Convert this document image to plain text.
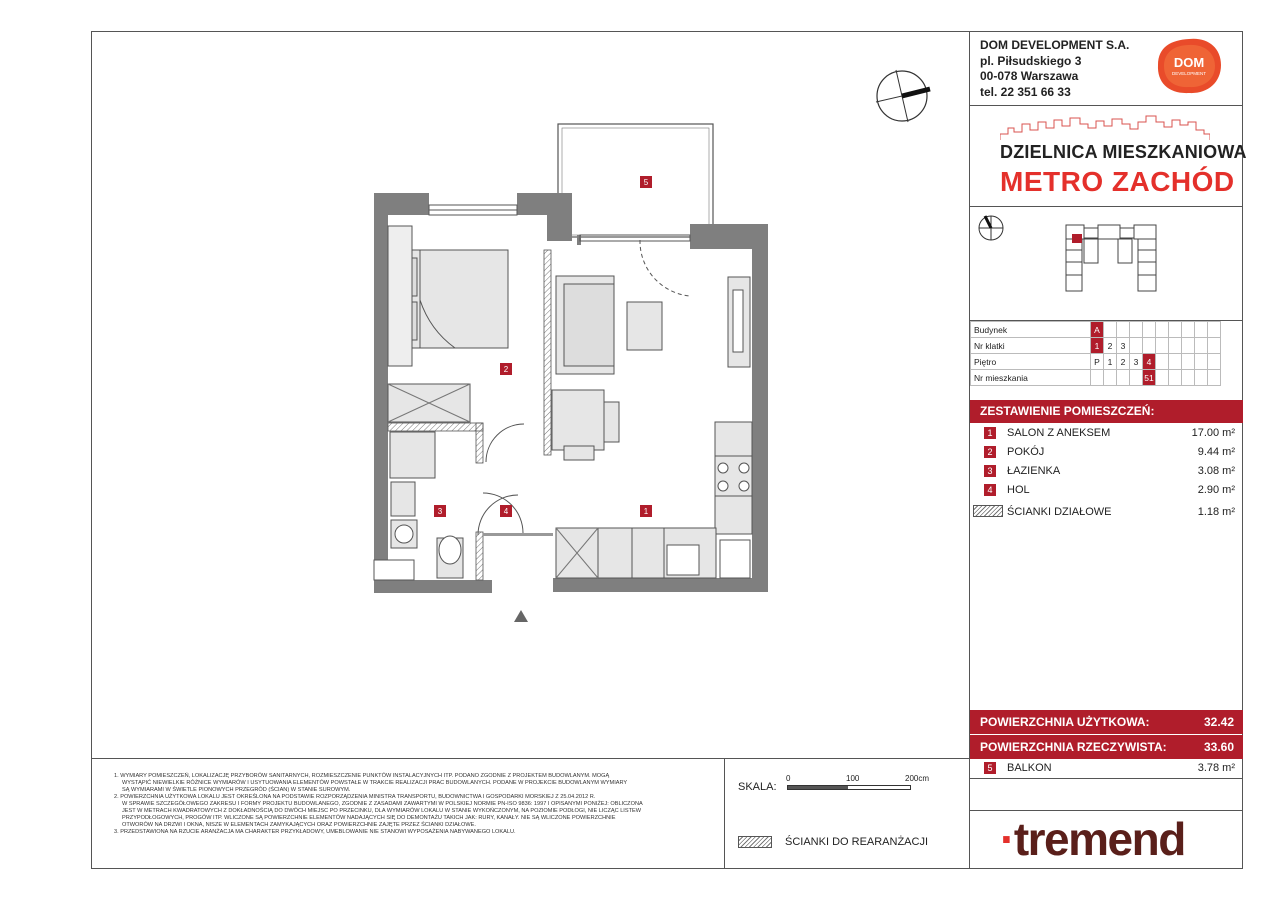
DOM DEVELOPMENT S.A.
pl. Piłsudskiego 3
00-078 Warszawa
tel. 22 351 66 33
DOM
DEVELOPMENT
DZIELNICA MIESZKANIOWA
METRO ZACHÓD
Budynek	A									
Nr klatki	1	2	3							
Piętro	P	1	2	3	4					
Nr mieszkania					51					
ZESTAWIENIE POMIESZCZEŃ:
1	SALON Z ANEKSEM	17.00 m²
2	POKÓJ	9.44 m²
3	ŁAZIENKA	3.08 m²
4	HOL	2.90 m²
ŚCIANKI DZIAŁOWE	1.18 m²
POWIERZCHNIA UŻYTKOWA:	32.42
POWIERZCHNIA RZECZYWISTA:	33.60
5	BALKON	3.78 m²
·tremend
1. WYMIARY POMIESZCZEŃ, LOKALIZACJĘ PRZYBORÓW SANITARNYCH, ROZMIESZCZENIE PUNKTÓW INSTALACYJNYCH ITP. PODANO ZGODNIE Z PROJEKTEM BUDOWLANYM. MOGĄ
WYSTĄPIĆ NIEWIELKIE RÓŻNICE WYMIARÓW I USYTUOWANIA ELEMENTÓW POWSTAŁE W TRAKCIE REALIZACJI PRAC BUDOWLANYCH. PODANE W PROJEKCIE BUDOWLANYM WYMIARY
SĄ WYMIARAMI W ŚWIETLE PIONOWYCH PRZEGRÓD (ŚCIAN) W STANIE SUROWYM.
2. POWIERZCHNIA UŻYTKOWA LOKALU JEST OKREŚLONA NA PODSTAWIE ROZPORZĄDZENIA MINISTRA TRANSPORTU, BUDOWNICTWA I GOSPODARKI MORSKIEJ Z 25.04.2012 R.
W SPRAWIE SZCZEGÓŁOWEGO ZAKRESU I FORMY PROJEKTU BUDOWLANEGO, ZGODNIE Z ZASADAMI ZAWARTYMI W POLSKIEJ NORMIE PN-ISO 9836: 1997 I OPISANYMI PONIŻEJ: OBLICZONA
JEST W METRACH KWADRATOWYCH Z DOKŁADNOŚCIĄ DO DWÓCH MIEJSC PO PRZECINKU, DLA WYMIARÓW LOKALU W STANIE WYKOŃCZONYM, NA POZIOMIE PODŁOGI, NIE LICZĄC LISTEW
PRZYPODŁOGOWYCH, PROGÓW ITP. WLICZONE SĄ POWIERZCHNIE ELEMENTÓW NADAJĄCYCH SIĘ DO DEMONTAŻU TAKICH JAK: RURY, KANAŁY. NIE SĄ WLICZONE POWIERZCHNIE
OTWORÓW NA DRZWI I OKNA, NISZE W ELEMENTACH ZAMYKAJĄCYCH ORAZ POWIERZCHNIE ZAJĘTE PRZEZ ŚCIANKI DZIAŁOWE.
3. PRZEDSTAWIONA NA RZUCIE ARANŻACJA MA CHARAKTER PRZYKŁADOWY, UMEBLOWANIE NIE STANOWI WYPOSAŻENIA NABYWANEGO LOKALU.
SKALA:
0	100	200cm
ŚCIANKI DO REARANŻACJI
5
2
3	4	1
